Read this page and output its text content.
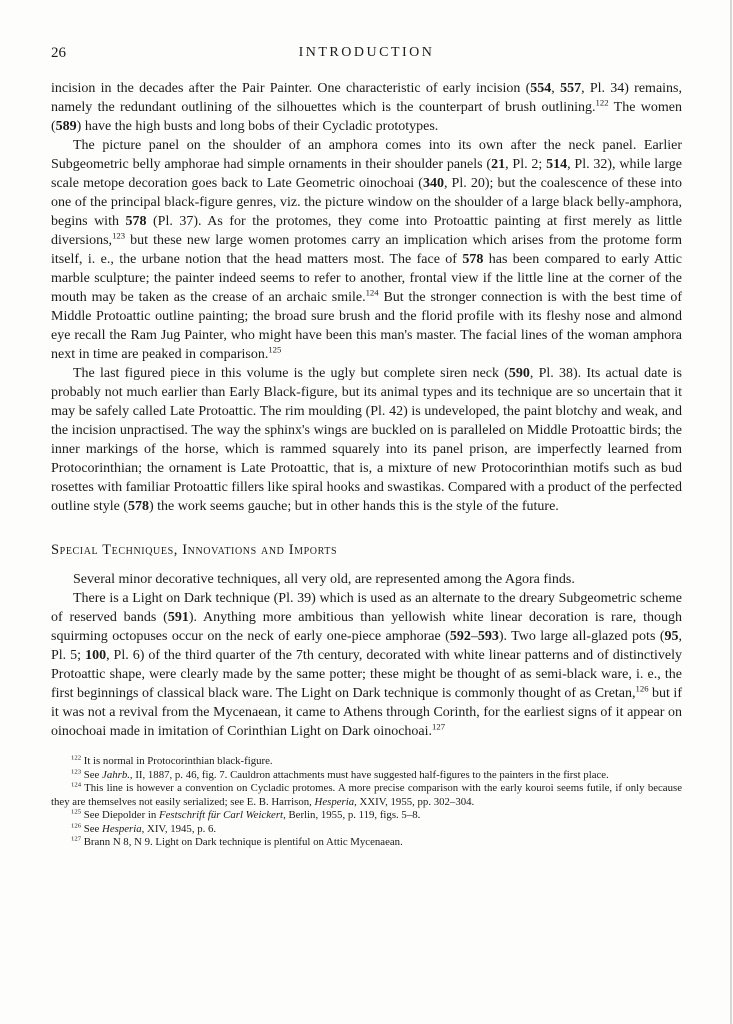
26	INTRODUCTION

incision in the decades after the Pair Painter. One characteristic of early incision (554, 557, Pl. 34) remains, namely the redundant outlining of the silhouettes which is the counterpart of brush outlining.$^{122}$ The women (589) have the high busts and long bobs of their Cycladic prototypes.

The picture panel on the shoulder of an amphora comes into its own after the neck panel. Earlier Subgeometric belly amphorae had simple ornaments in their shoulder panels (21, Pl. 2; 514, Pl. 32), while large scale metope decoration goes back to Late Geometric oinochoai (340, Pl. 20); but the coalescence of these into one of the principal black-figure genres, viz. the picture window on the shoulder of a large black belly-amphora, begins with 578 (Pl. 37). As for the protomes, they come into Protoattic painting at first merely as little diversions,$^{123}$ but these new large women protomes carry an implication which arises from the protome form itself, i. e., the urbane notion that the head matters most. The face of 578 has been compared to early Attic marble sculpture; the painter indeed seems to refer to another, frontal view if the little line at the corner of the mouth may be taken as the crease of an archaic smile.$^{124}$ But the stronger connection is with the best time of Middle Protoattic outline painting; the broad sure brush and the florid profile with its fleshy nose and almond eye recall the Ram Jug Painter, who might have been this man's master. The facial lines of the woman amphora next in time are peaked in comparison.$^{125}$

The last figured piece in this volume is the ugly but complete siren neck (590, Pl. 38). Its actual date is probably not much earlier than Early Black-figure, but its animal types and its technique are so uncertain that it may be safely called Late Protoattic. The rim moulding (Pl. 42) is undeveloped, the paint blotchy and weak, and the incision unpractised. The way the sphinx's wings are buckled on is paralleled on Middle Protoattic birds; the inner markings of the horse, which is rammed squarely into its panel prison, are imperfectly learned from Protocorinthian; the ornament is Late Protoattic, that is, a mixture of new Protocorinthian motifs such as bud rosettes with familiar Protoattic fillers like spiral hooks and swastikas. Compared with a product of the perfected outline style (578) the work seems gauche; but in other hands this is the style of the future.

Special Techniques, Innovations and Imports

Several minor decorative techniques, all very old, are represented among the Agora finds.

There is a Light on Dark technique (Pl. 39) which is used as an alternate to the dreary Subgeometric scheme of reserved bands (591). Anything more ambitious than yellowish white linear decoration is rare, though squirming octopuses occur on the neck of early one-piece amphorae (592–593). Two large all-glazed pots (95, Pl. 5; 100, Pl. 6) of the third quarter of the 7th century, decorated with white linear patterns and of distinctively Protoattic shape, were clearly made by the same potter; these might be thought of as semi-black ware, i. e., the first beginnings of classical black ware. The Light on Dark technique is commonly thought of as Cretan,$^{126}$ but if it was not a revival from the Mycenaean, it came to Athens through Corinth, for the earliest signs of it appear on oinochoai made in imitation of Corinthian Light on Dark oinochoai.$^{127}$

$^{122}$ It is normal in Protocorinthian black-figure.

$^{123}$ See Jahrb., II, 1887, p. 46, fig. 7. Cauldron attachments must have suggested half-figures to the painters in the first place.

$^{124}$ This line is however a convention on Cycladic protomes. A more precise comparison with the early kouroi seems futile, if only because they are themselves not easily serialized; see E. B. Harrison, Hesperia, XXIV, 1955, pp. 302–304.

$^{125}$ See Diepolder in Festschrift für Carl Weickert, Berlin, 1955, p. 119, figs. 5–8.

$^{126}$ See Hesperia, XIV, 1945, p. 6.

$^{127}$ Brann N 8, N 9. Light on Dark technique is plentiful on Attic Mycenaean.
